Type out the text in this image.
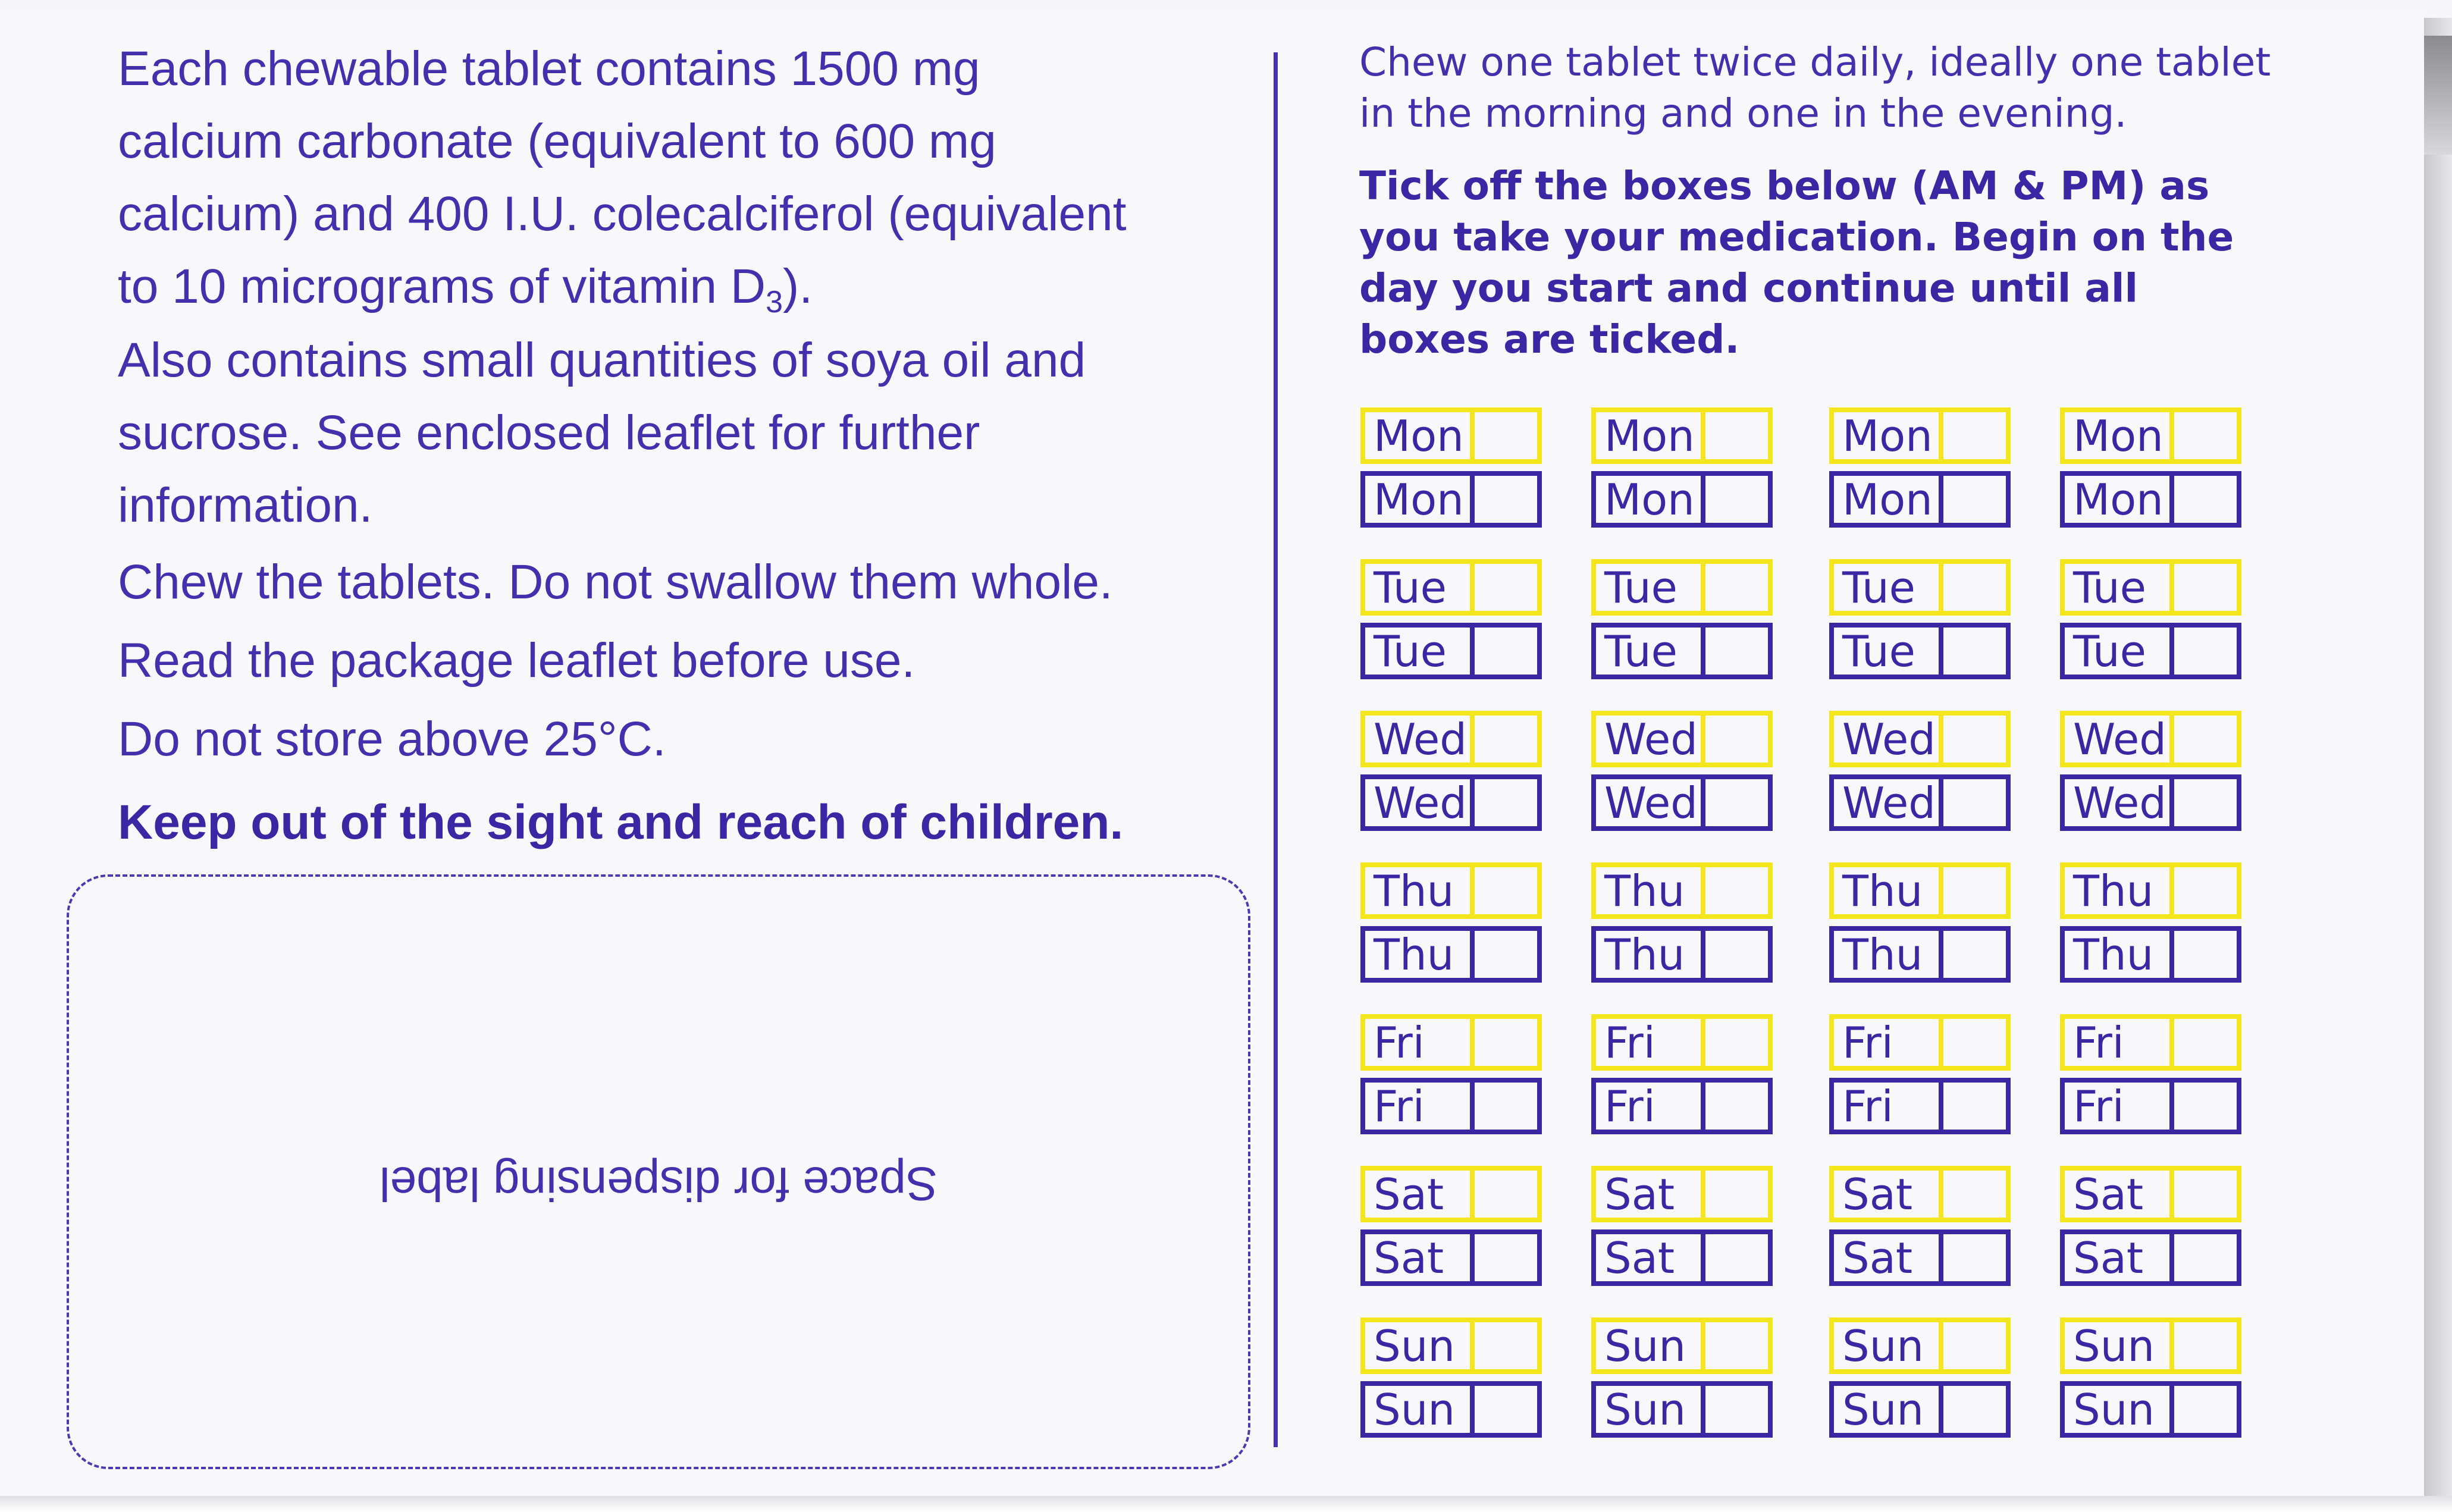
Each chewable tablet contains 1500 mg
calcium carbonate (equivalent to 600 mg
calcium) and 400 I.U. colecalciferol (equivalent
to 10 micrograms of vitamin $D_3$).

Also contains small quantities of soya oil and
sucrose. See enclosed leaflet for further
information.

Chew the tablets. Do not swallow them whole.

Read the package leaflet before use.

Do not store above 25°C.

Keep out of the sight and reach of children.

Space for dispensing label

Chew one tablet twice daily, ideally one tablet
in the morning and one in the evening.

Tick off the boxes below (AM & PM) as
you take your medication. Begin on the
day you start and continue until all
boxes are ticked.

Mon
Mon
Mon
Mon
Mon
Mon
Mon
Mon
Tue
Tue
Tue
Tue
Tue
Tue
Tue
Tue
Wed
Wed
Wed
Wed
Wed
Wed
Wed
Wed
Thu
Thu
Thu
Thu
Thu
Thu
Thu
Thu
Fri
Fri
Fri
Fri
Fri
Fri
Fri
Fri
Sat
Sat
Sat
Sat
Sat
Sat
Sat
Sat
Sun
Sun
Sun
Sun
Sun
Sun
Sun
Sun
